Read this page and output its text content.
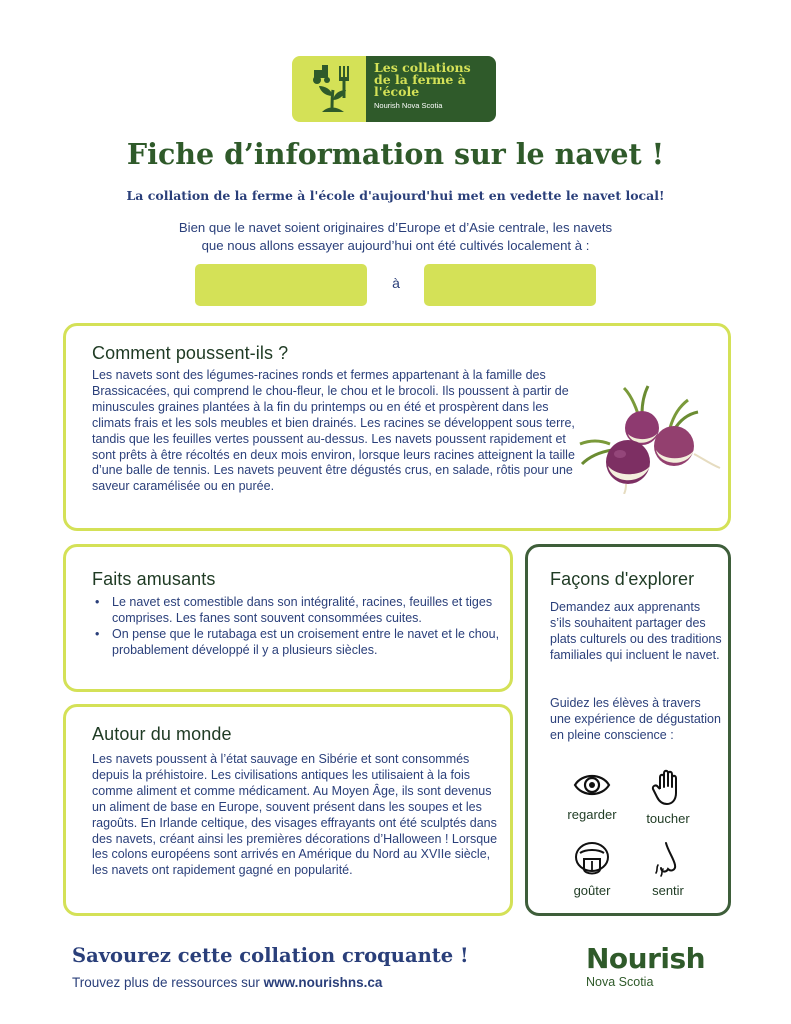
Les collations
de la ferme à
l'école
Nourish Nova Scotia
Fiche d’information sur le navet !
La collation de la ferme à l'école d'aujourd'hui met en vedette le navet local!
Bien que le navet soient originaires d’Europe et d’Asie centrale, les navets
que nous allons essayer aujourd’hui ont été cultivés localement à :
à
Comment poussent-ils ?

Les navets sont des légumes-racines ronds et fermes appartenant à la famille des Brassicacées, qui comprend le chou-fleur, le chou et le brocoli. Ils poussent à partir de minuscules graines plantées à la fin du printemps ou en été et prospèrent dans les climats frais et les sols meubles et bien drainés. Les racines se développent sous terre, tandis que les feuilles vertes poussent au-dessus. Les navets poussent rapidement et sont prêts à être récoltés en deux mois environ, lorsque leurs racines atteignent la taille d’une balle de tennis. Les navets peuvent être dégustés crus, en salade, rôtis pour une saveur caramélisée ou en purée.

Faits amusants
• Le navet est comestible dans son intégralité, racines, feuilles et tiges comprises. Les fanes sont souvent consommées cuites.
• On pense que le rutabaga est un croisement entre le navet et le chou, probablement développé il y a plusieurs siècles.
Autour du monde

Les navets poussent à l’état sauvage en Sibérie et sont consommés depuis la préhistoire. Les civilisations antiques les utilisaient à la fois comme aliment et comme médicament. Au Moyen Âge, ils sont devenus un aliment de base en Europe, souvent présent dans les soupes et les ragoûts. En Irlande celtique, des visages effrayants ont été sculptés dans des navets, créant ainsi les premières décorations d’Halloween ! Lorsque les colons européens sont arrivés en Amérique du Nord au XVIIe siècle, les navets ont rapidement gagné en popularité.

Façons d'explorer

Demandez aux apprenants s’ils souhaitent partager des plats culturels ou des traditions familiales qui incluent le navet.

Guidez les élèves à travers une expérience de dégustation en pleine conscience :

regarder	toucher
goûter	sentir
Savourez cette collation croquante !
Trouvez plus de ressources sur www.nourishns.ca
Nourish
Nova Scotia
